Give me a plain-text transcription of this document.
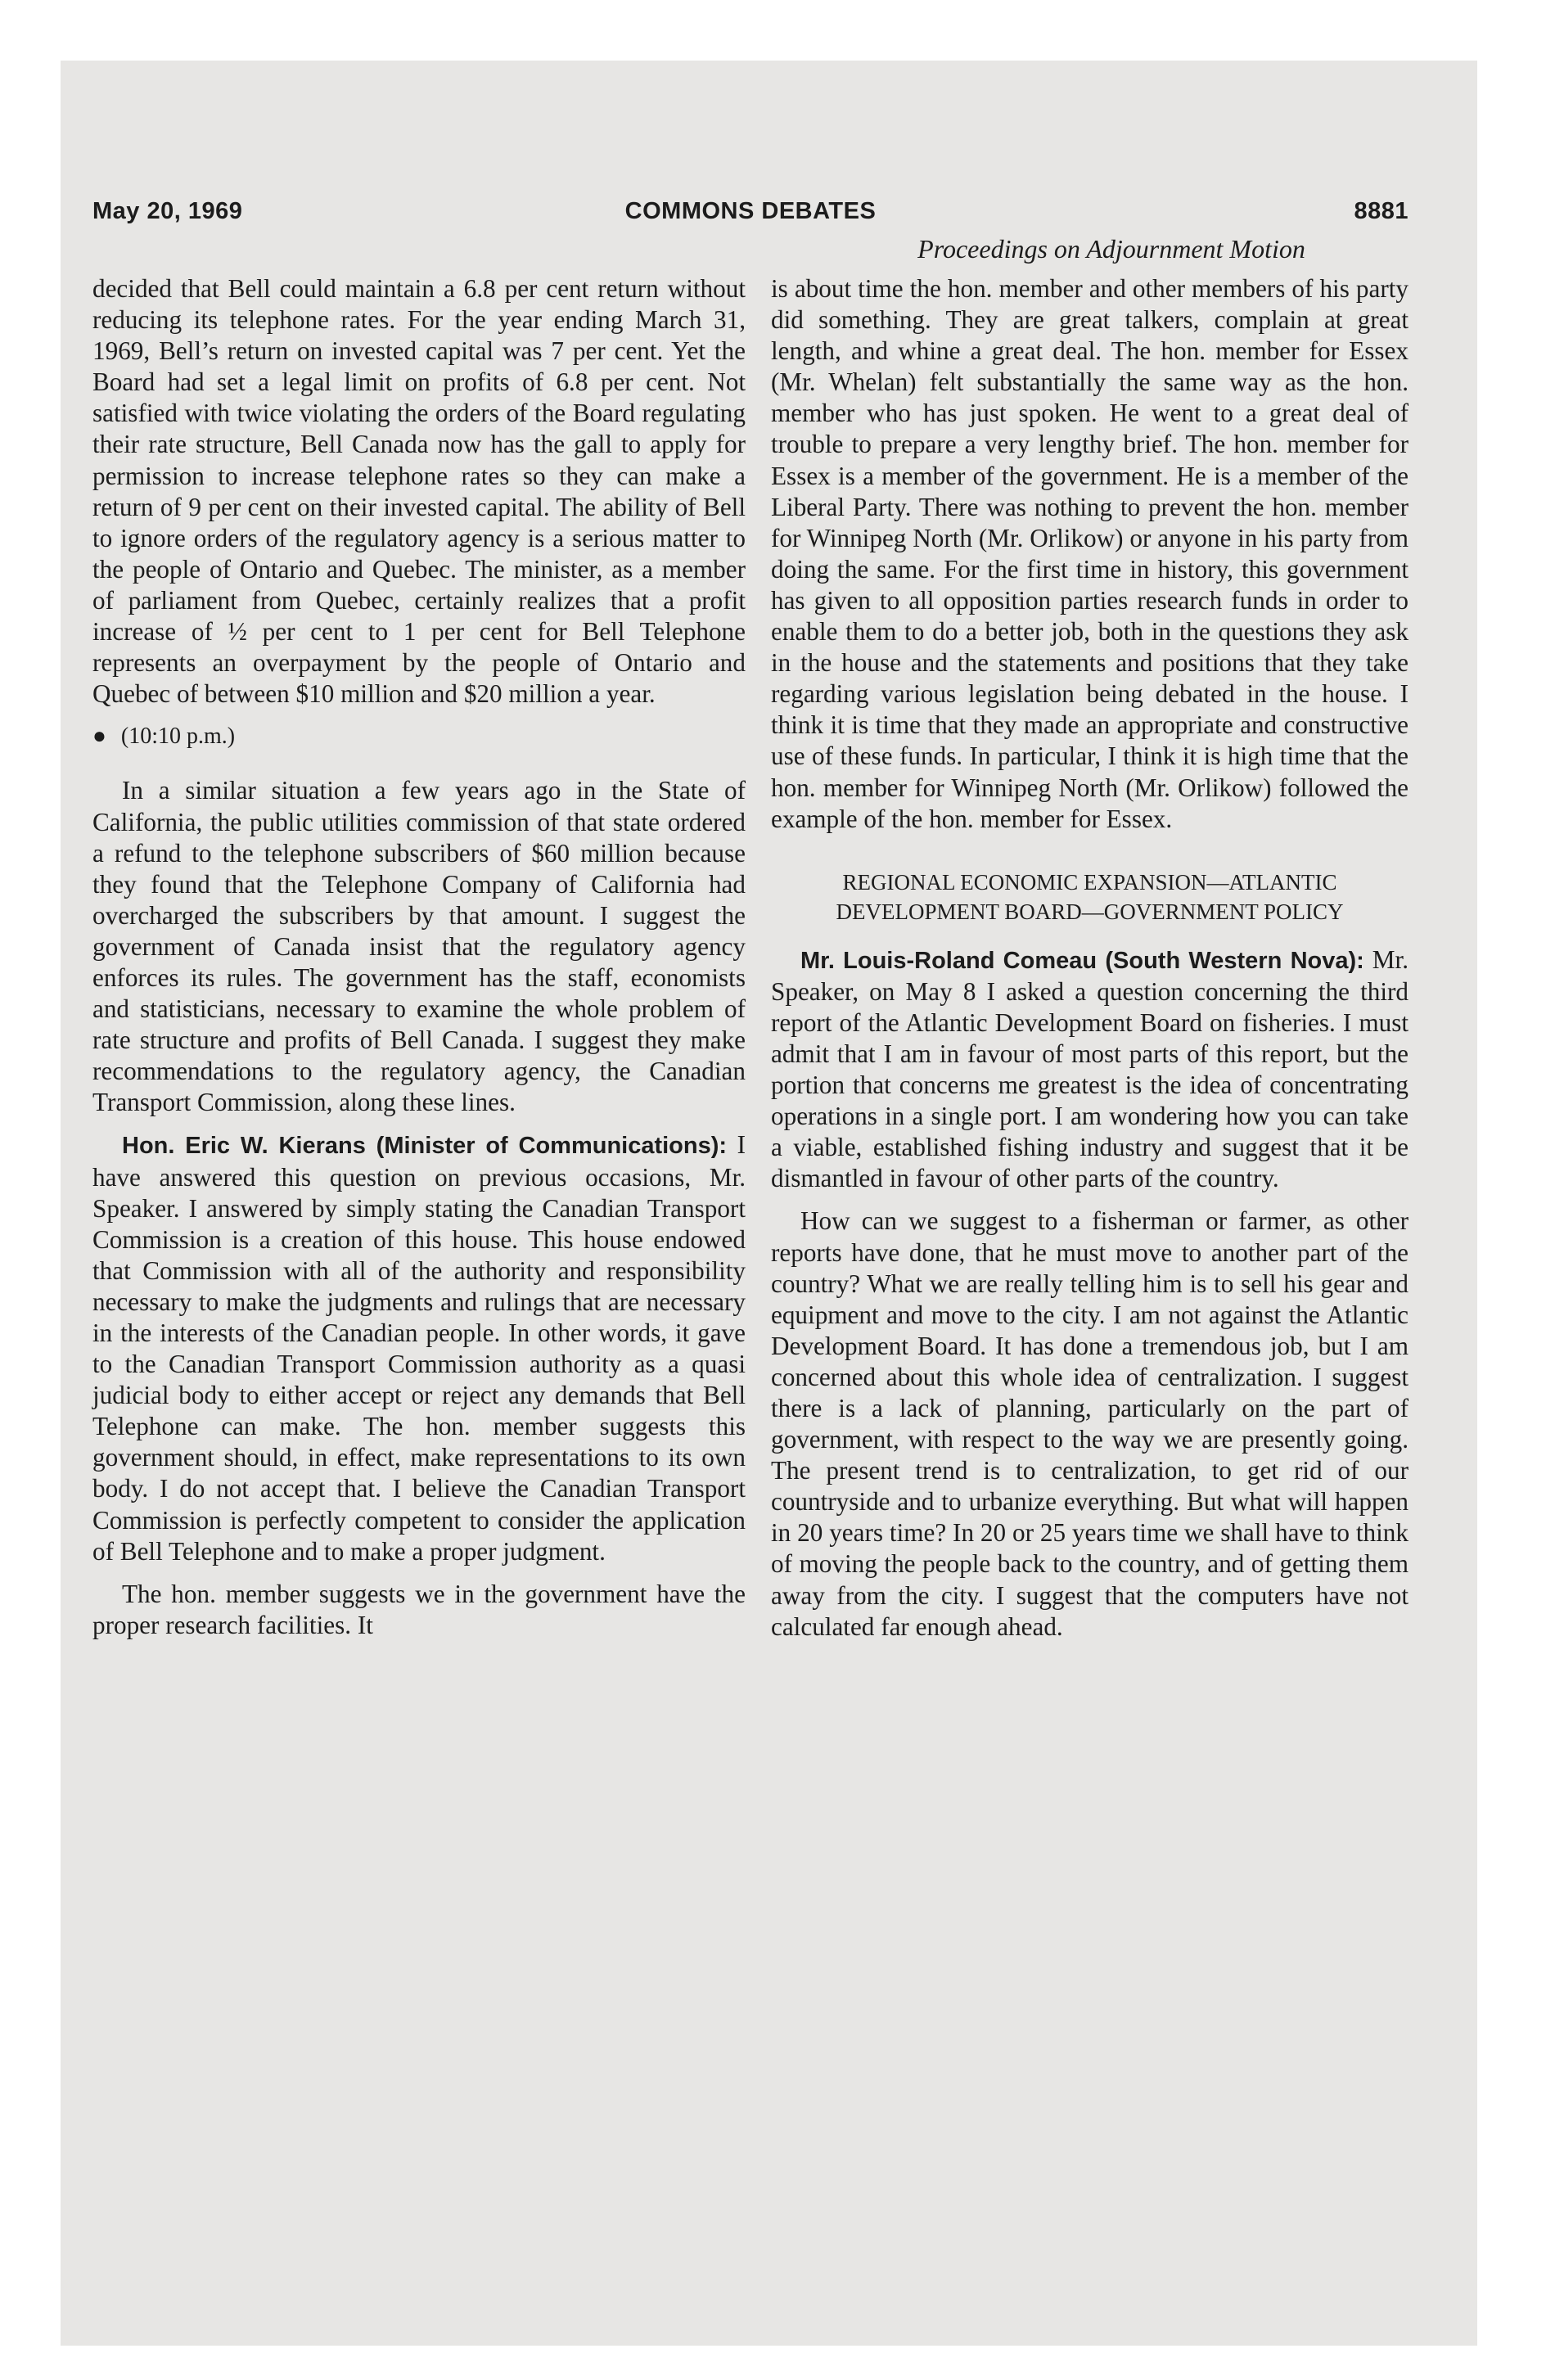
May 20, 1969	COMMONS DEBATES	8881
Proceedings on Adjournment Motion

decided that Bell could maintain a 6.8 per cent return without reducing its telephone rates. For the year ending March 31, 1969, Bell’s return on invested capital was 7 per cent. Yet the Board had set a legal limit on profits of 6.8 per cent. Not satisfied with twice violating the orders of the Board regulating their rate structure, Bell Canada now has the gall to apply for permission to increase telephone rates so they can make a return of 9 per cent on their invested capital. The ability of Bell to ignore orders of the regulatory agency is a serious matter to the people of Ontario and Quebec. The minister, as a member of parliament from Quebec, certainly realizes that a profit increase of ½ per cent to 1 per cent for Bell Telephone represents an overpayment by the people of Ontario and Quebec of between $10 million and $20 million a year.

● (10:10 p.m.)

In a similar situation a few years ago in the State of California, the public utilities commission of that state ordered a refund to the telephone subscribers of $60 million because they found that the Telephone Company of California had overcharged the subscribers by that amount. I suggest the government of Canada insist that the regulatory agency enforces its rules. The government has the staff, economists and statisticians, necessary to examine the whole problem of rate structure and profits of Bell Canada. I suggest they make recommendations to the regulatory agency, the Canadian Transport Commission, along these lines.

Hon. Eric W. Kierans (Minister of Communications): I have answered this question on previous occasions, Mr. Speaker. I answered by simply stating the Canadian Transport Commission is a creation of this house. This house endowed that Commission with all of the authority and responsibility necessary to make the judgments and rulings that are necessary in the interests of the Canadian people. In other words, it gave to the Canadian Transport Commission authority as a quasi judicial body to either accept or reject any demands that Bell Telephone can make. The hon. member suggests this government should, in effect, make representations to its own body. I do not accept that. I believe the Canadian Transport Commission is perfectly competent to consider the application of Bell Telephone and to make a proper judgment.

The hon. member suggests we in the government have the proper research facilities. It

is about time the hon. member and other members of his party did something. They are great talkers, complain at great length, and whine a great deal. The hon. member for Essex (Mr. Whelan) felt substantially the same way as the hon. member who has just spoken. He went to a great deal of trouble to prepare a very lengthy brief. The hon. member for Essex is a member of the government. He is a member of the Liberal Party. There was nothing to prevent the hon. member for Winnipeg North (Mr. Orlikow) or anyone in his party from doing the same. For the first time in history, this government has given to all opposition parties research funds in order to enable them to do a better job, both in the questions they ask in the house and the statements and positions that they take regarding various legislation being debated in the house. I think it is time that they made an appropriate and constructive use of these funds. In particular, I think it is high time that the hon. member for Winnipeg North (Mr. Orlikow) followed the example of the hon. member for Essex.

REGIONAL ECONOMIC EXPANSION—ATLANTIC DEVELOPMENT BOARD—GOVERNMENT POLICY

Mr. Louis-Roland Comeau (South Western Nova): Mr. Speaker, on May 8 I asked a question concerning the third report of the Atlantic Development Board on fisheries. I must admit that I am in favour of most parts of this report, but the portion that concerns me greatest is the idea of concentrating operations in a single port. I am wondering how you can take a viable, established fishing industry and suggest that it be dismantled in favour of other parts of the country.

How can we suggest to a fisherman or farmer, as other reports have done, that he must move to another part of the country? What we are really telling him is to sell his gear and equipment and move to the city. I am not against the Atlantic Development Board. It has done a tremendous job, but I am concerned about this whole idea of centralization. I suggest there is a lack of planning, particularly on the part of government, with respect to the way we are presently going. The present trend is to centralization, to get rid of our countryside and to urbanize everything. But what will happen in 20 years time? In 20 or 25 years time we shall have to think of moving the people back to the country, and of getting them away from the city. I suggest that the computers have not calculated far enough ahead.
